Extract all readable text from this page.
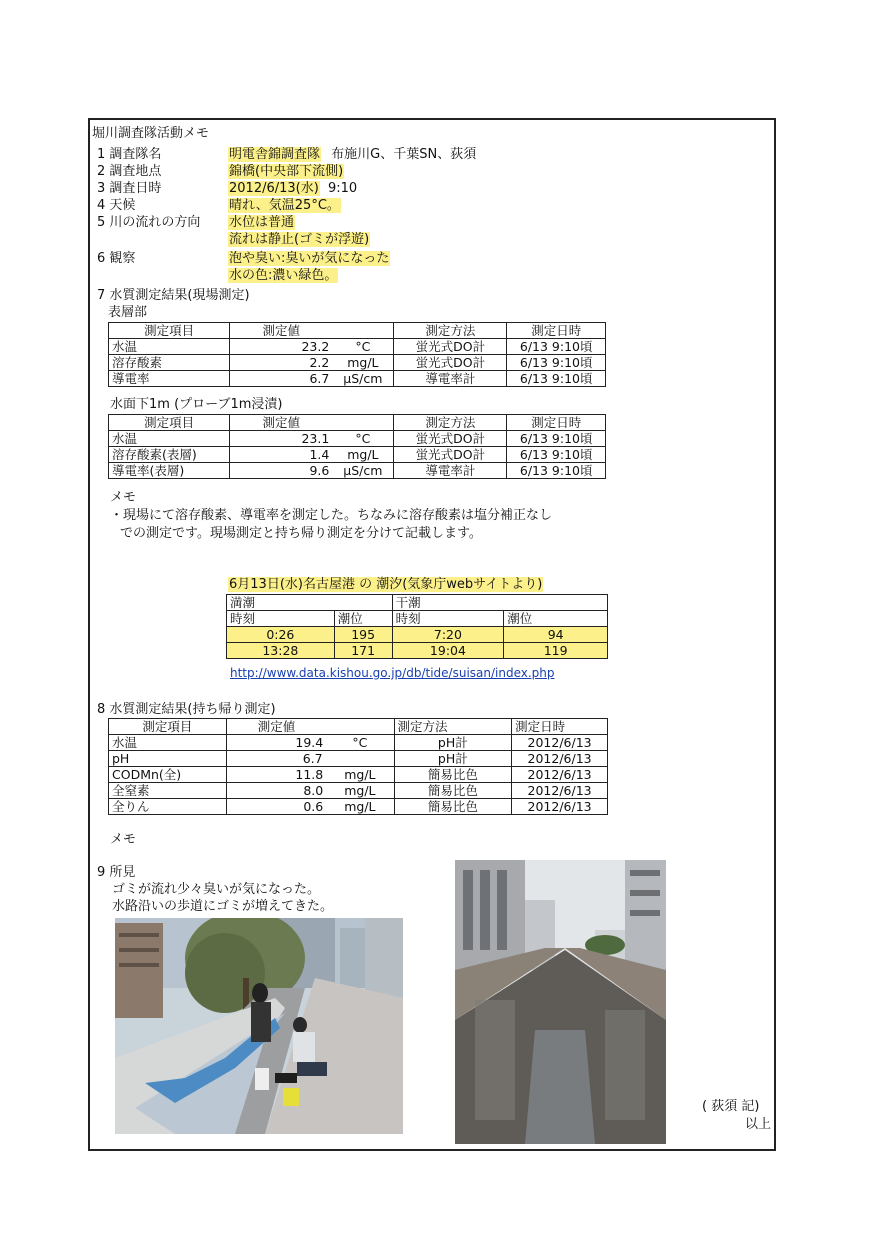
堀川調査隊活動メモ
1 調査隊名	明電舎錦調査隊 布施川G、千葉SN、荻須
2 調査地点	錦橋(中央部下流側)
3 調査日時	2012/6/13(水) 9:10
4 天候	晴れ、気温25°C。
5 川の流れの方向 水位は普通
流れは静止(ゴミが浮遊)
6 観察	泡や臭い:臭いが気になった
水の色:濃い緑色。
7 水質測定結果(現場測定)
表層部
測定項目	測定値		測定方法	測定日時
水温	23.2	°C	蛍光式DO計	6/13 9:10頃
溶存酸素	2.2	mg/L	蛍光式DO計	6/13 9:10頃
導電率	6.7	μS/cm	導電率計	6/13 9:10頃
水面下1m (プローブ1m浸漬)
測定項目	測定値		測定方法	測定日時
水温	23.1	°C	蛍光式DO計	6/13 9:10頃
溶存酸素(表層)	1.4	mg/L	蛍光式DO計	6/13 9:10頃
導電率(表層)	9.6	μS/cm	導電率計	6/13 9:10頃
メモ
・現場にて溶存酸素、導電率を測定した。ちなみに溶存酸素は塩分補正なし
での測定です。現場測定と持ち帰り測定を分けて記載します。
6月13日(水)名古屋港 の 潮汐(気象庁webサイトより)
満潮		干潮	
時刻	潮位	時刻	潮位
0:26	195	7:20	94
13:28	171	19:04	119
http://www.data.kishou.go.jp/db/tide/suisan/index.php
8 水質測定結果(持ち帰り測定)
測定項目	測定値		測定方法	測定日時
水温	19.4	°C	pH計	2012/6/13
pH	6.7		pH計	2012/6/13
CODMn(全)	11.8	mg/L	簡易比色	2012/6/13
全窒素	8.0	mg/L	簡易比色	2012/6/13
全りん	0.6	mg/L	簡易比色	2012/6/13
メモ
9 所見
ゴミが流れ少々臭いが気になった。
水路沿いの歩道にゴミが増えてきた。
( 荻須 記)
以上
